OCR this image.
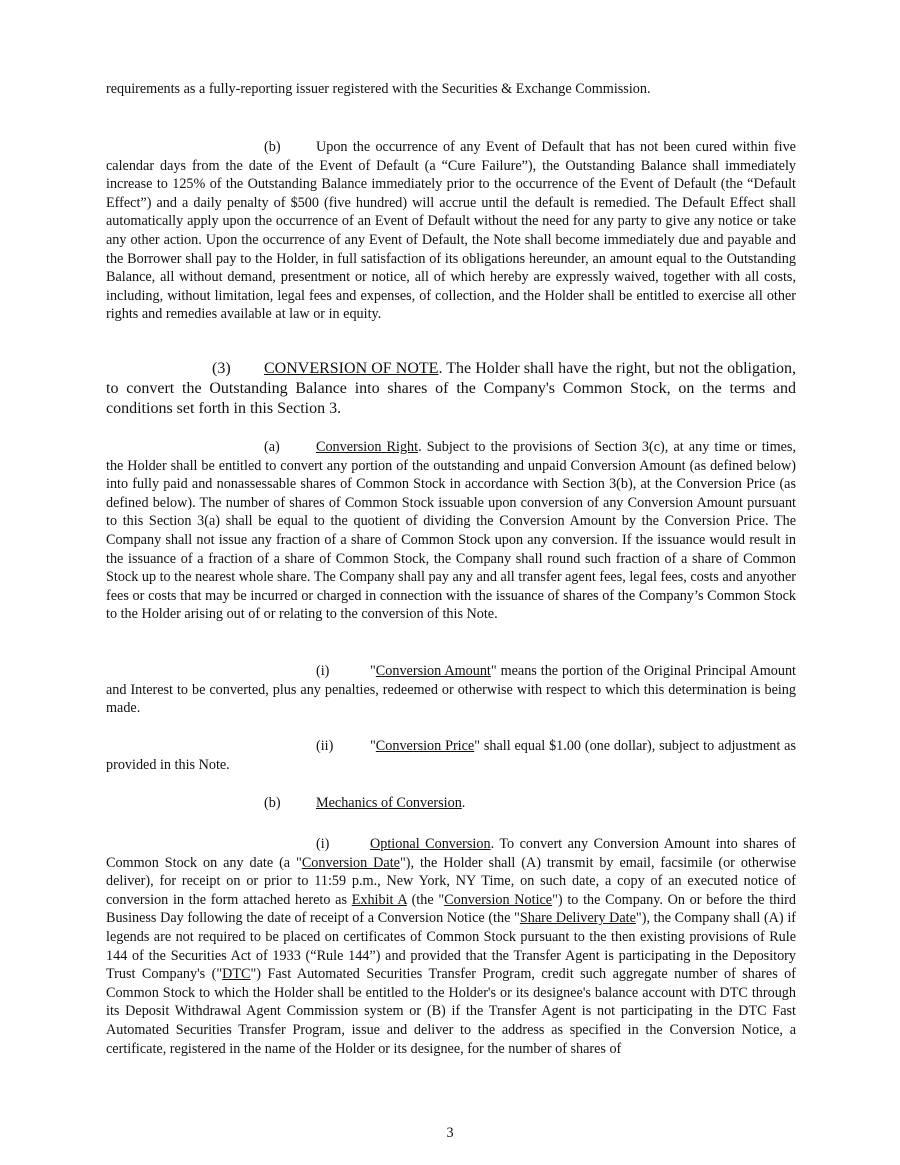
requirements as a fully-reporting issuer registered with the Securities & Exchange Commission.

(b) Upon the occurrence of any Event of Default that has not been cured within five calendar days from the date of the Event of Default (a “Cure Failure”), the Outstanding Balance shall immediately increase to 125% of the Outstanding Balance immediately prior to the occurrence of the Event of Default (the “Default Effect”) and a daily penalty of $500 (five hundred) will accrue until the default is remedied. The Default Effect shall automatically apply upon the occurrence of an Event of Default without the need for any party to give any notice or take any other action. Upon the occurrence of any Event of Default, the Note shall become immediately due and payable and the Borrower shall pay to the Holder, in full satisfaction of its obligations hereunder, an amount equal to the Outstanding Balance, all without demand, presentment or notice, all of which hereby are expressly waived, together with all costs, including, without limitation, legal fees and expenses, of collection, and the Holder shall be entitled to exercise all other rights and remedies available at law or in equity.

(3) CONVERSION OF NOTE. The Holder shall have the right, but not the obligation, to convert the Outstanding Balance into shares of the Company's Common Stock, on the terms and conditions set forth in this Section 3.

(a)	Conversion Right. Subject to the provisions of Section 3(c), at any time or times, the Holder shall be entitled to convert any portion of the outstanding and unpaid Conversion Amount (as defined below) into fully paid and nonassessable shares of Common Stock in accordance with Section 3(b), at the Conversion Price (as defined below). The number of shares of Common Stock issuable upon conversion of any Conversion Amount pursuant to this Section 3(a) shall be equal to the quotient of dividing the Conversion Amount by the Conversion Price. The Company shall not issue any fraction of a share of Common Stock upon any conversion. If the issuance would result in the issuance of a fraction of a share of Common Stock, the Company shall round such fraction of a share of Common Stock up to the nearest whole share. The Company shall pay any and all transfer agent fees, legal fees, costs and anyother fees or costs that may be incurred or charged in connection with the issuance of shares of the Company’s Common Stock to the Holder arising out of or relating to the conversion of this Note.

(i)	"Conversion Amount" means the portion of the Original Principal Amount and Interest to be converted, plus any penalties, redeemed or otherwise with respect to which this determination is being made.

(ii)	"Conversion Price" shall equal $1.00 (one dollar), subject to adjustment as provided in this Note.

(b) Mechanics of Conversion.

(i)	Optional Conversion. To convert any Conversion Amount into shares of Common Stock on any date (a "Conversion Date"), the Holder shall (A) transmit by email, facsimile (or otherwise deliver), for receipt on or prior to 11:59 p.m., New York, NY Time, on such date, a copy of an executed notice of conversion in the form attached hereto as Exhibit A (the "Conversion Notice") to the Company. On or before the third Business Day following the date of receipt of a Conversion Notice (the "Share Delivery Date"), the Company shall (A) if legends are not required to be placed on certificates of Common Stock pursuant to the then existing provisions of Rule 144 of the Securities Act of 1933 (“Rule 144”) and provided that the Transfer Agent is participating in the Depository Trust Company's ("DTC") Fast Automated Securities Transfer Program, credit such aggregate number of shares of Common Stock to which the Holder shall be entitled to the Holder's or its designee's balance account with DTC through its Deposit Withdrawal Agent Commission system or (B) if the Transfer Agent is not participating in the DTC Fast Automated Securities Transfer Program, issue and deliver to the address as specified in the Conversion Notice, a certificate, registered in the name of the Holder or its designee, for the number of shares of

3
